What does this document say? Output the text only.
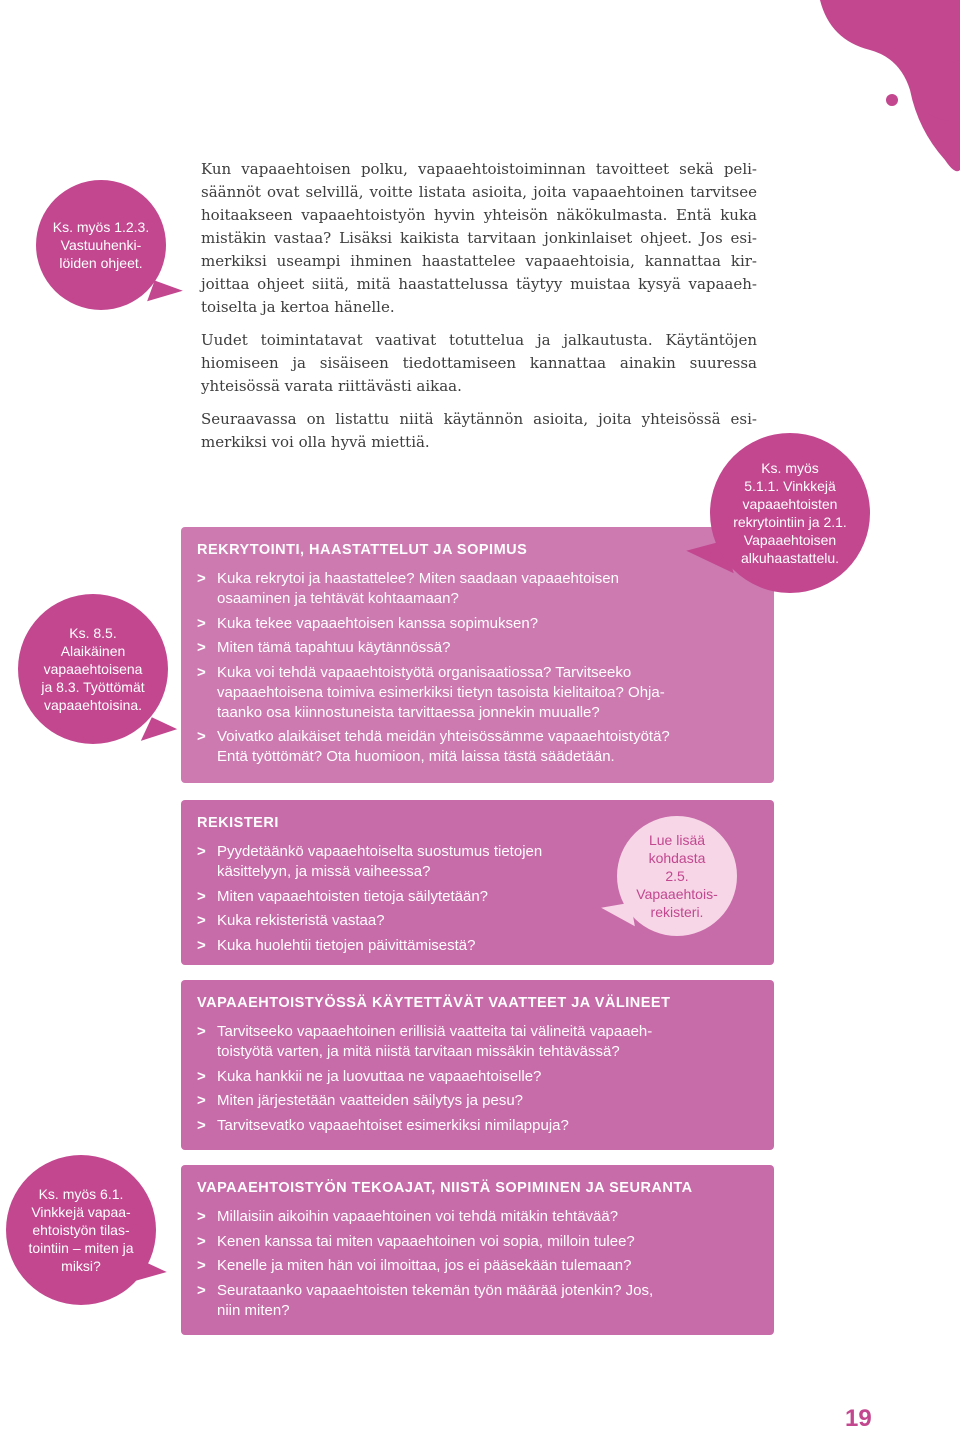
Ks. myös 1.2.3.
Vastuuhenki-
löiden ohjeet.

Kun vapaaehtoisen polku, vapaaehtoistoiminnan tavoitteet sekä pelisäännöt ovat selvillä, voitte listata asioita, joita vapaaehtoinen tarvitsee hoitaakseen vapaaehtoistyön hyvin yhteisön näkökulmasta. Entä kuka mistäkin vastaa? Lisäksi kaikista tarvitaan jonkinlaiset ohjeet. Jos esimerkiksi useampi ihminen haastattelee vapaaehtoisia, kannattaa kirjoittaa ohjeet siitä, mitä haastattelussa täytyy muistaa kysyä vapaaehtoiselta ja kertoa hänelle.

Uudet toimintatavat vaativat totuttelua ja jalkautusta. Käytäntöjen hiomiseen ja sisäiseen tiedottamiseen kannattaa ainakin suuressa yhteisössä varata riittävästi aikaa.

Seuraavassa on listattu niitä käytännön asioita, joita yhteisössä esimerkiksi voi olla hyvä miettiä.

REKRYTOINTI, HAASTATTELUT JA SOPIMUS
> Kuka rekrytoi ja haastattelee? Miten saadaan vapaaehtoisen
osaaminen ja tehtävät kohtaamaan?
> Kuka tekee vapaaehtoisen kanssa sopimuksen?
> Miten tämä tapahtuu käytännössä?
> Kuka voi tehdä vapaaehtoistyötä organisaatiossa? Tarvitseeko
vapaaehtoisena toimiva esimerkiksi tietyn tasoista kielitaitoa? Ohja-
taanko osa kiinnostuneista tarvittaessa jonnekin muualle?
> Voivatko alaikäiset tehdä meidän yhteisössämme vapaaehtoistyötä?
Entä työttömät? Ota huomioon, mitä laissa tästä säädetään.
Ks. myös
5.1.1. Vinkkejä
vapaaehtoisten
rekrytointiin ja 2.1.
Vapaaehtoisen
alkuhaastattelu.
Ks. 8.5.
Alaikäinen
vapaaehtoisena
ja 8.3. Työttömät
vapaaehtoisina.
REKISTERI
> Pyydetäänkö vapaaehtoiselta suostumus tietojen
käsittelyyn, ja missä vaiheessa?
> Miten vapaaehtoisten tietoja säilytetään?
> Kuka rekisteristä vastaa?
> Kuka huolehtii tietojen päivittämisestä?
Lue lisää
kohdasta
2.5.
Vapaaehtois-
rekisteri.
VAPAAEHTOISTYÖSSÄ KÄYTETTÄVÄT VAATTEET JA VÄLINEET
> Tarvitseeko vapaaehtoinen erillisiä vaatteita tai välineitä vapaaeh-
toistyötä varten, ja mitä niistä tarvitaan missäkin tehtävässä?
> Kuka hankkii ne ja luovuttaa ne vapaaehtoiselle?
> Miten järjestetään vaatteiden säilytys ja pesu?
> Tarvitsevatko vapaaehtoiset esimerkiksi nimilappuja?
Ks. myös 6.1.
Vinkkejä vapaa-
ehtoistyön tilas-
tointiin – miten ja
miksi?
VAPAAEHTOISTYÖN TEKOAJAT, NIISTÄ SOPIMINEN JA SEURANTA
> Millaisiin aikoihin vapaaehtoinen voi tehdä mitäkin tehtävää?
> Kenen kanssa tai miten vapaaehtoinen voi sopia, milloin tulee?
> Kenelle ja miten hän voi ilmoittaa, jos ei pääsekään tulemaan?
> Seurataanko vapaaehtoisten tekemän työn määrää jotenkin? Jos,
niin miten?
19
